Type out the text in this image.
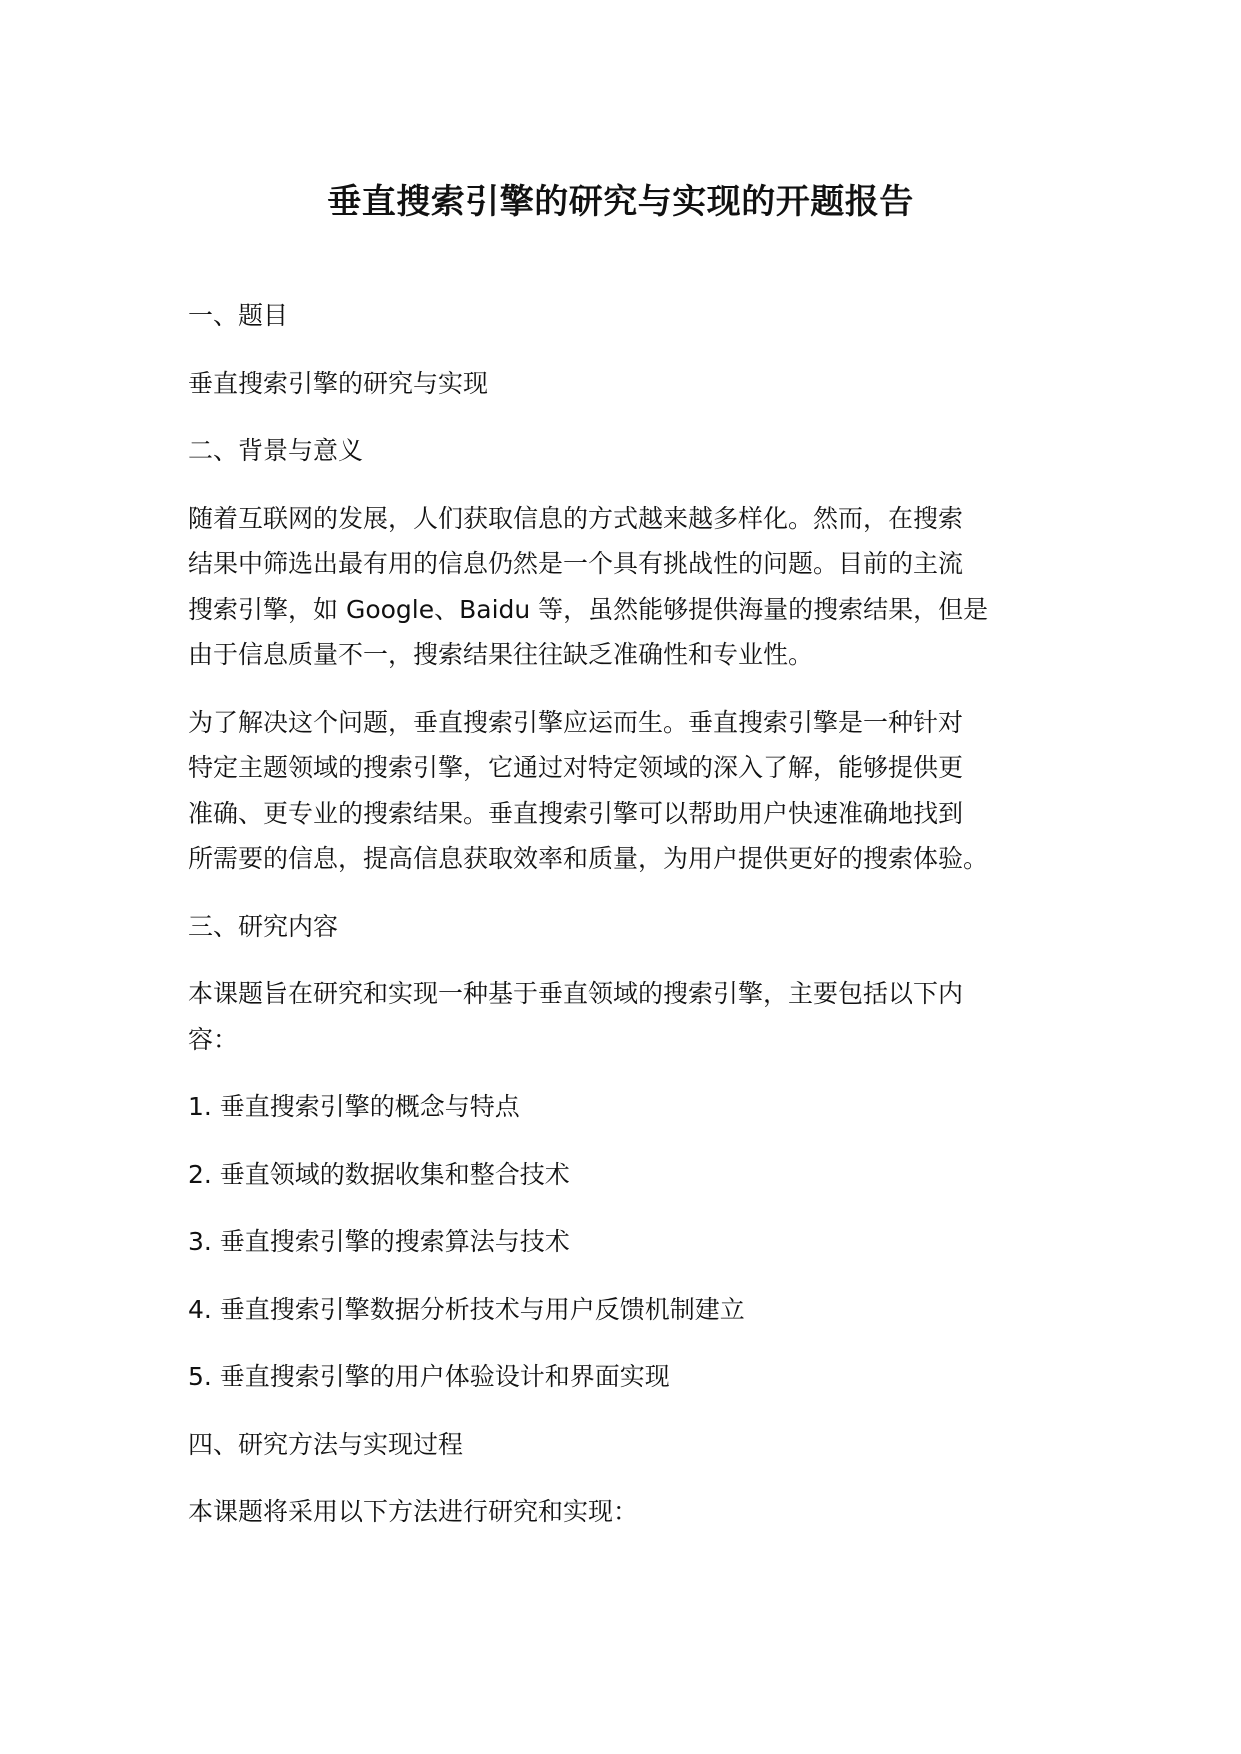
垂直搜索引擎的研究与实现的开题报告

一、题目

垂直搜索引擎的研究与实现

二、背景与意义

随着互联网的发展，人们获取信息的方式越来越多样化。然而，在搜索
结果中筛选出最有用的信息仍然是一个具有挑战性的问题。目前的主流
搜索引擎，如 Google、Baidu 等，虽然能够提供海量的搜索结果，但是
由于信息质量不一，搜索结果往往缺乏准确性和专业性。

为了解决这个问题，垂直搜索引擎应运而生。垂直搜索引擎是一种针对
特定主题领域的搜索引擎，它通过对特定领域的深入了解，能够提供更
准确、更专业的搜索结果。垂直搜索引擎可以帮助用户快速准确地找到
所需要的信息，提高信息获取效率和质量，为用户提供更好的搜索体验。

三、研究内容

本课题旨在研究和实现一种基于垂直领域的搜索引擎，主要包括以下内
容：

1. 垂直搜索引擎的概念与特点

2. 垂直领域的数据收集和整合技术

3. 垂直搜索引擎的搜索算法与技术

4. 垂直搜索引擎数据分析技术与用户反馈机制建立

5. 垂直搜索引擎的用户体验设计和界面实现

四、研究方法与实现过程

本课题将采用以下方法进行研究和实现：
